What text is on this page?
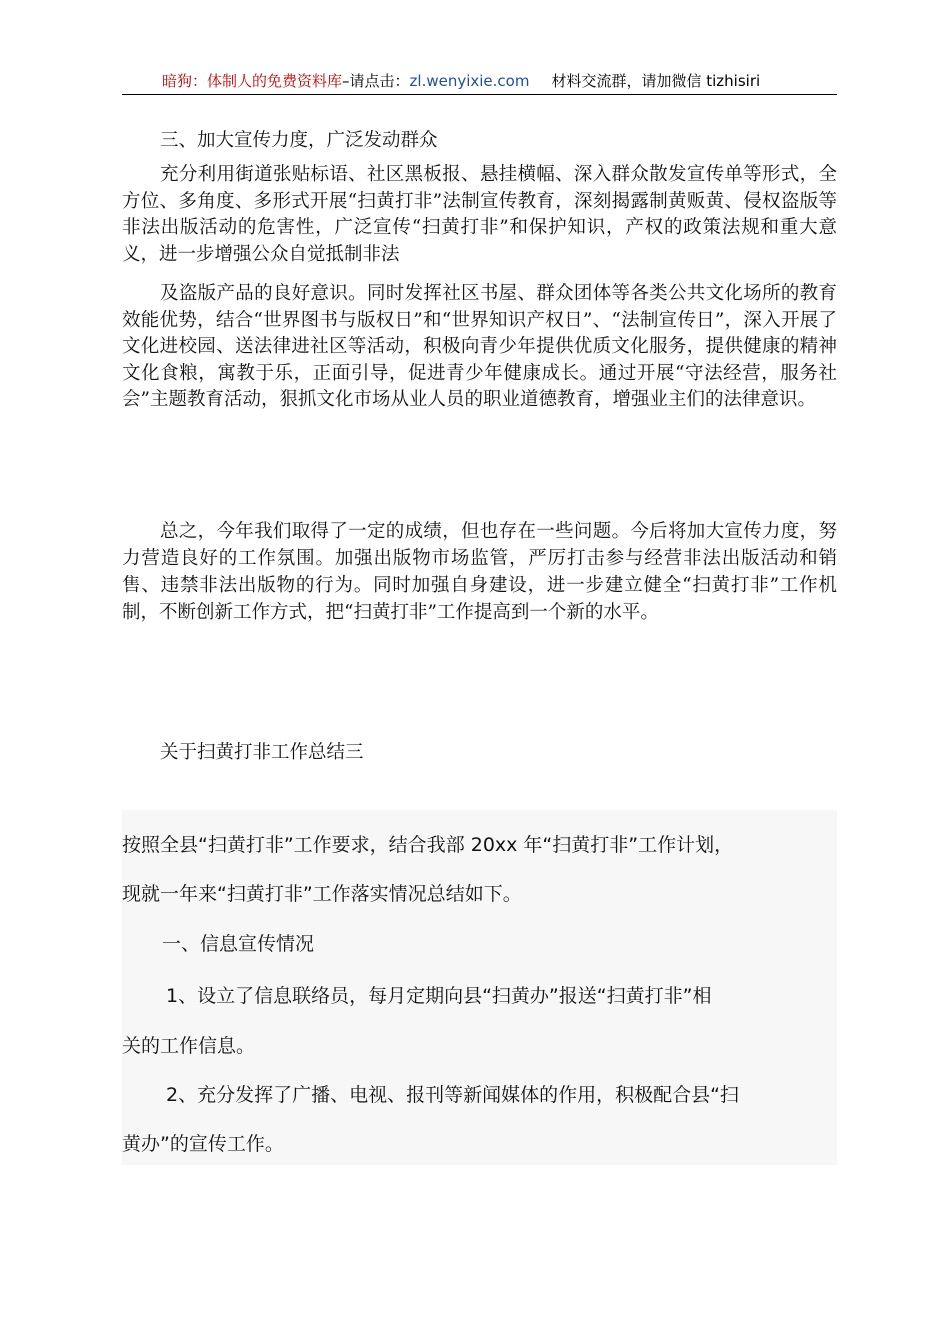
暗狗：体制人的免费资料库–请点击：zl.wenyixie.com 材料交流群，请加微信 tizhisiri

三、加大宣传力度，广泛发动群众

充分利用街道张贴标语、社区黑板报、悬挂横幅、深入群众散发宣传单等形式，全方位、多角度、多形式开展“扫黄打非”法制宣传教育，深刻揭露制黄贩黄、侵权盗版等非法出版活动的危害性，广泛宣传“扫黄打非”和保护知识，产权的政策法规和重大意义，进一步增强公众自觉抵制非法

及盗版产品的良好意识。同时发挥社区书屋、群众团体等各类公共文化场所的教育效能优势，结合“世界图书与版权日”和“世界知识产权日”、“法制宣传日”，深入开展了文化进校园、送法律进社区等活动，积极向青少年提供优质文化服务，提供健康的精神文化食粮，寓教于乐，正面引导，促进青少年健康成长。通过开展“守法经营，服务社会”主题教育活动，狠抓文化市场从业人员的职业道德教育，增强业主们的法律意识。

总之，今年我们取得了一定的成绩，但也存在一些问题。今后将加大宣传力度，努力营造良好的工作氛围。加强出版物市场监管，严厉打击参与经营非法出版活动和销售、违禁非法出版物的行为。同时加强自身建设，进一步建立健全“扫黄打非”工作机制，不断创新工作方式，把“扫黄打非”工作提高到一个新的水平。

关于扫黄打非工作总结三

按照全县“扫黄打非”工作要求，结合我部 20xx 年“扫黄打非”工作计划，

现就一年来“扫黄打非”工作落实情况总结如下。

一、信息宣传情况

1、设立了信息联络员，每月定期向县“扫黄办”报送“扫黄打非”相

关的工作信息。

2、充分发挥了广播、电视、报刊等新闻媒体的作用，积极配合县“扫

黄办”的宣传工作。
